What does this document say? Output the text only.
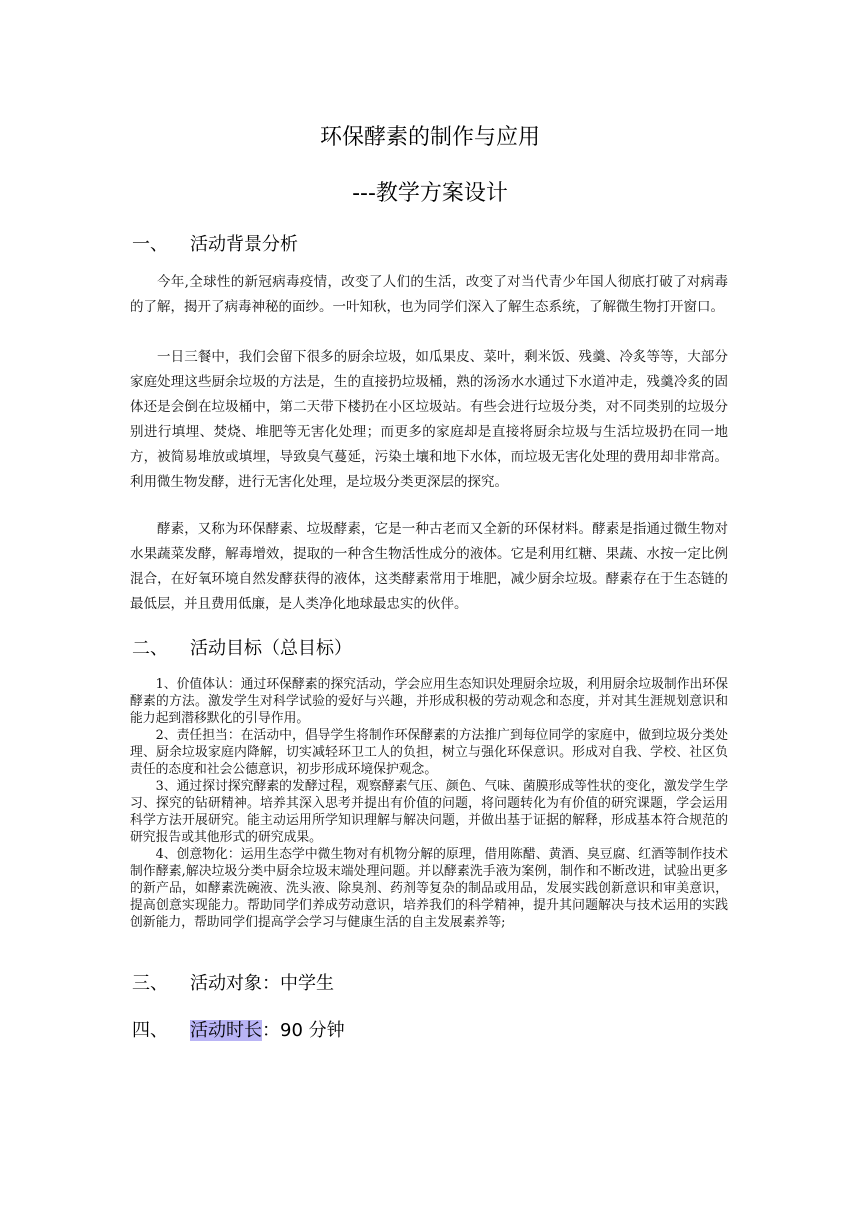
环保酵素的制作与应用
---教学方案设计
一、 活动背景分析

今年,全球性的新冠病毒疫情，改变了人们的生活，改变了对当代青少年国人彻底打破了对病毒的了解，揭开了病毒神秘的面纱。一叶知秋，也为同学们深入了解生态系统，了解微生物打开窗口。

一日三餐中，我们会留下很多的厨余垃圾，如瓜果皮、菜叶，剩米饭、残羹、冷炙等等，大部分家庭处理这些厨余垃圾的方法是，生的直接扔垃圾桶，熟的汤汤水水通过下水道冲走，残羹冷炙的固体还是会倒在垃圾桶中，第二天带下楼扔在小区垃圾站。有些会进行垃圾分类，对不同类别的垃圾分别进行填埋、焚烧、堆肥等无害化处理；而更多的家庭却是直接将厨余垃圾与生活垃圾扔在同一地方，被简易堆放或填埋，导致臭气蔓延，污染土壤和地下水体，而垃圾无害化处理的费用却非常高。利用微生物发酵，进行无害化处理，是垃圾分类更深层的探究。

酵素，又称为环保酵素、垃圾酵素，它是一种古老而又全新的环保材料。酵素是指通过微生物对水果蔬菜发酵，解毒增效，提取的一种含生物活性成分的液体。它是利用红糖、果蔬、水按一定比例混合，在好氧环境自然发酵获得的液体，这类酵素常用于堆肥，减少厨余垃圾。酵素存在于生态链的最低层，并且费用低廉，是人类净化地球最忠实的伙伴。

二、 活动目标（总目标）

1、价值体认：通过环保酵素的探究活动，学会应用生态知识处理厨余垃圾，利用厨余垃圾制作出环保酵素的方法。激发学生对科学试验的爱好与兴趣，并形成积极的劳动观念和态度，并对其生涯规划意识和能力起到潜移默化的引导作用。

2、责任担当：在活动中，倡导学生将制作环保酵素的方法推广到每位同学的家庭中，做到垃圾分类处理、厨余垃圾家庭内降解，切实减轻环卫工人的负担，树立与强化环保意识。形成对自我、学校、社区负责任的态度和社会公德意识，初步形成环境保护观念。

3、通过探讨探究酵素的发酵过程，观察酵素气压、颜色、气味、菌膜形成等性状的变化，激发学生学习、探究的钻研精神。培养其深入思考并提出有价值的问题，将问题转化为有价值的研究课题，学会运用科学方法开展研究。能主动运用所学知识理解与解决问题，并做出基于证据的解释，形成基本符合规范的研究报告或其他形式的研究成果。

4、创意物化：运用生态学中微生物对有机物分解的原理，借用陈醋、黄酒、臭豆腐、红酒等制作技术制作酵素,解决垃圾分类中厨余垃圾末端处理问题。并以酵素洗手液为案例，制作和不断改进，试验出更多的新产品，如酵素洗碗液、洗头液、除臭剂、药剂等复杂的制品或用品，发展实践创新意识和审美意识，提高创意实现能力。帮助同学们养成劳动意识，培养我们的科学精神，提升其问题解决与技术运用的实践创新能力，帮助同学们提高学会学习与健康生活的自主发展素养等;

三、 活动对象：中学生
四、 活动时长：90 分钟
